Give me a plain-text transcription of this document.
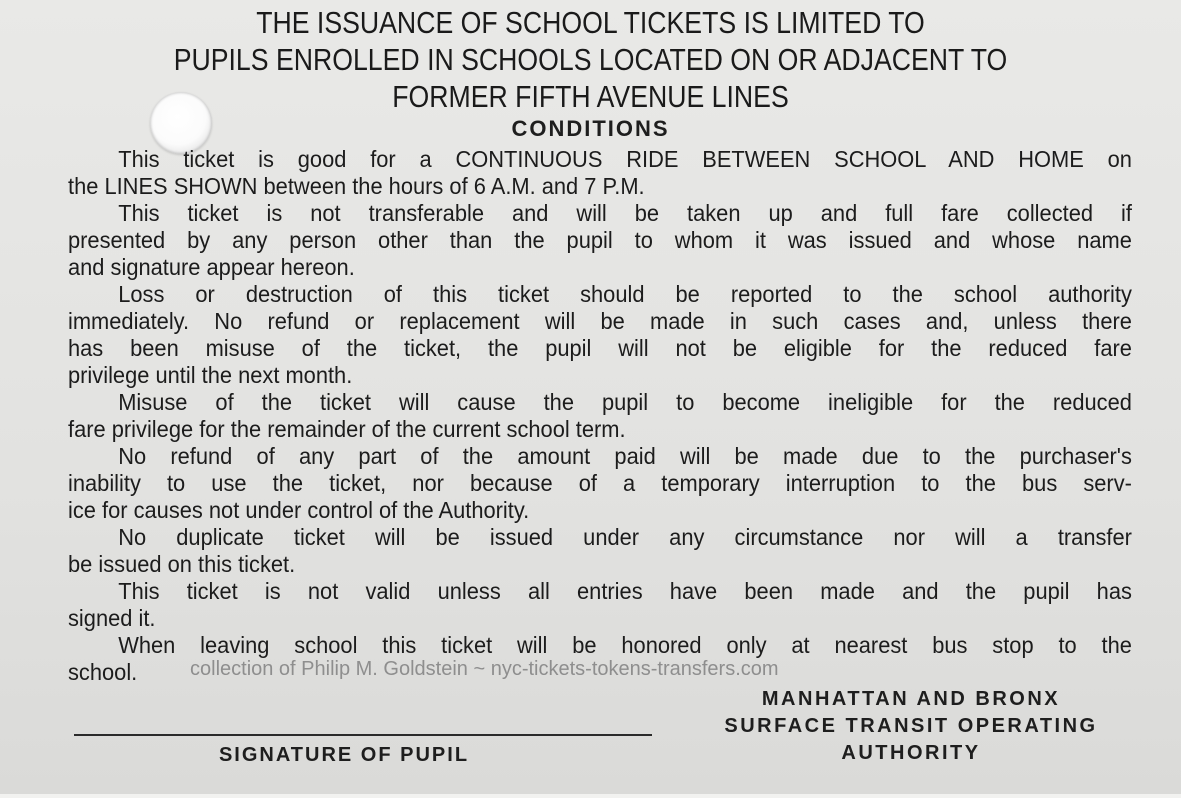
THE ISSUANCE OF SCHOOL TICKETS IS LIMITED TO
PUPILS ENROLLED IN SCHOOLS LOCATED ON OR ADJACENT TO
FORMER FIFTH AVENUE LINES
CONDITIONS
This ticket is good for a CONTINUOUS RIDE BETWEEN SCHOOL AND HOME on
the LINES SHOWN between the hours of 6 A.M. and 7 P.M.
This ticket is not transferable and will be taken up and full fare collected if
presented by any person other than the pupil to whom it was issued and whose name
and signature appear hereon.
Loss or destruction of this ticket should be reported to the school authority
immediately. No refund or replacement will be made in such cases and, unless there
has been misuse of the ticket, the pupil will not be eligible for the reduced fare
privilege until the next month.
Misuse of the ticket will cause the pupil to become ineligible for the reduced
fare privilege for the remainder of the current school term.
No refund of any part of the amount paid will be made due to the purchaser's
inability to use the ticket, nor because of a temporary interruption to the bus serv-
ice for causes not under control of the Authority.
No duplicate ticket will be issued under any circumstance nor will a transfer
be issued on this ticket.
This ticket is not valid unless all entries have been made and the pupil has
signed it.
When leaving school this ticket will be honored only at nearest bus stop to the
school.	collection of Philip M. Goldstein ~ nyc-tickets-tokens-transfers.com
SIGNATURE OF PUPIL
MANHATTAN AND BRONX
SURFACE TRANSIT OPERATING
AUTHORITY
